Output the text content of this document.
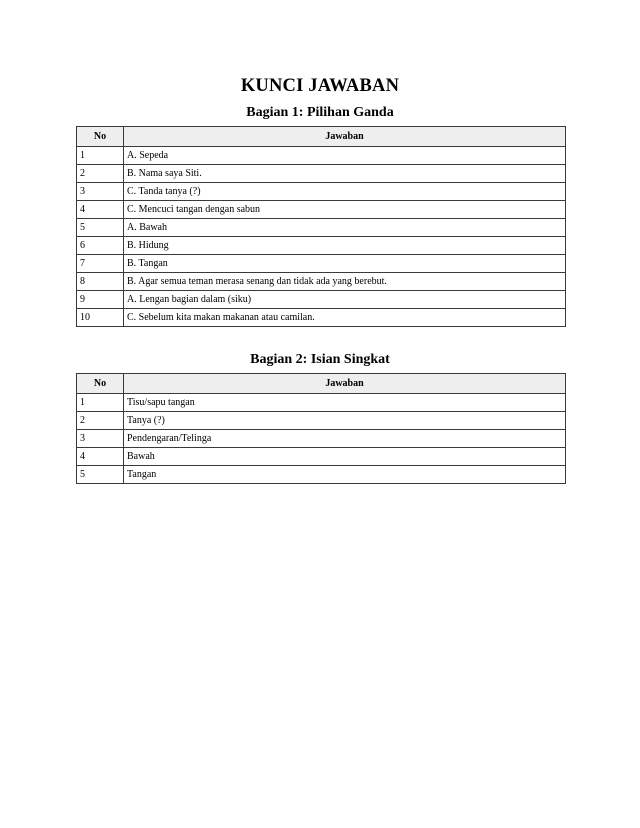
KUNCI JAWABAN
Bagian 1: Pilihan Ganda
No	Jawaban
1	A. Sepeda
2	B. Nama saya Siti.
3	C. Tanda tanya (?)
4	C. Mencuci tangan dengan sabun
5	A. Bawah
6	B. Hidung
7	B. Tangan
8	B. Agar semua teman merasa senang dan tidak ada yang berebut.
9	A. Lengan bagian dalam (siku)
10	C. Sebelum kita makan makanan atau camilan.
Bagian 2: Isian Singkat
No	Jawaban
1	Tisu/sapu tangan
2	Tanya (?)
3	Pendengaran/Telinga
4	Bawah
5	Tangan
